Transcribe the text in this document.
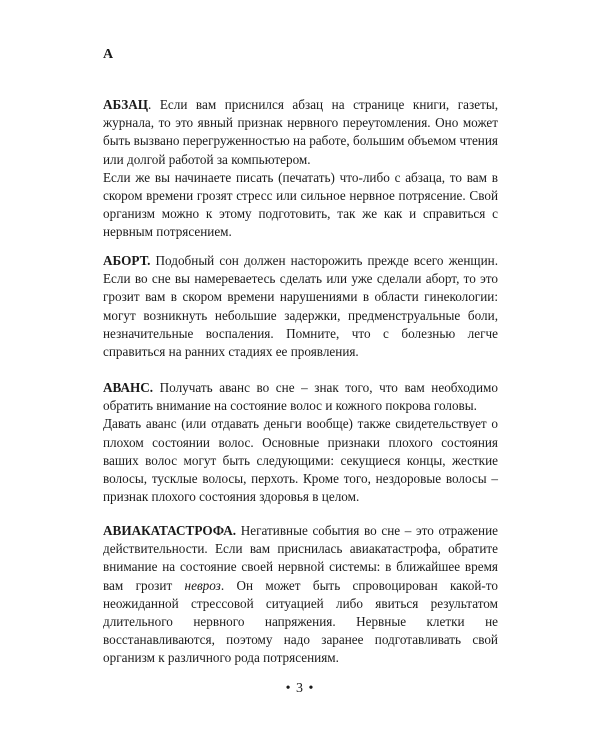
А

АБЗАЦ. Если вам приснился абзац на странице книги, газеты, журнала, то это явный признак нервного переутомления. Оно может быть вызвано перегруженностью на работе, большим объемом чтения или долгой работой за компьютером.

Если же вы начинаете писать (печатать) что-либо с абзаца, то вам в скором времени грозят стресс или сильное нервное потрясение. Свой организм можно к этому подготовить, так же как и справиться с нервным потрясением.

АБОРТ. Подобный сон должен насторожить прежде всего женщин. Если во сне вы намереваетесь сделать или уже сделали аборт, то это грозит вам в скором времени нарушениями в области гинекологии: могут возникнуть небольшие задержки, предменструальные боли, незначительные воспаления. Помните, что с болезнью легче справиться на ранних стадиях ее проявления.

АВАНС. Получать аванс во сне – знак того, что вам необходимо обратить внимание на состояние волос и кожного покрова головы.

Давать аванс (или отдавать деньги вообще) также свидетельствует о плохом состоянии волос. Основные признаки плохого состояния ваших волос могут быть следующими: секущиеся концы, жесткие волосы, тусклые волосы, перхоть. Кроме того, нездоровые волосы – признак плохого состояния здоровья в целом.

АВИАКАТАСТРОФА. Негативные события во сне – это отражение действительности. Если вам приснилась авиакатастрофа, обратите внимание на состояние своей нервной системы: в ближайшее время вам грозит невроз. Он может быть спровоцирован какой-то неожиданной стрессовой ситуацией либо явиться результатом длительного нервного напряжения. Нервные клетки не восстанавливаются, поэтому надо заранее подготавливать свой организм к различного рода потрясениям.

• 3 •
